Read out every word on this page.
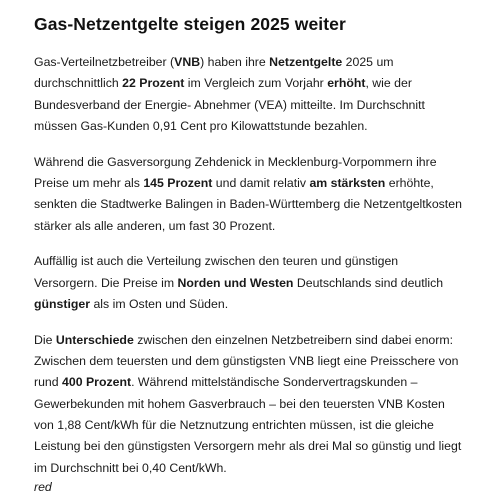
Gas-Netzentgelte steigen 2025 weiter

Gas-Verteilnetzbetreiber (VNB) haben ihre Netzentgelte 2025 um durchschnittlich 22 Prozent im Vergleich zum Vorjahr erhöht, wie der Bundesverband der Energie- Abnehmer (VEA) mitteilte. Im Durchschnitt müssen Gas-Kunden 0,91 Cent pro Kilowattstunde bezahlen.

Während die Gasversorgung Zehdenick in Mecklenburg-Vorpommern ihre Preise um mehr als 145 Prozent und damit relativ am stärksten erhöhte, senkten die Stadtwerke Balingen in Baden-Württemberg die Netzentgeltkosten stärker als alle anderen, um fast 30 Prozent.

Auffällig ist auch die Verteilung zwischen den teuren und günstigen Versorgern. Die Preise im Norden und Westen Deutschlands sind deutlich günstiger als im Osten und Süden.

Die Unterschiede zwischen den einzelnen Netzbetreibern sind dabei enorm: Zwischen dem teuersten und dem günstigsten VNB liegt eine Preisschere von rund 400 Prozent. Während mittelständische Sondervertragskunden – Gewerbekunden mit hohem Gasverbrauch – bei den teuersten VNB Kosten von 1,88 Cent/kWh für die Netznutzung entrichten müssen, ist die gleiche Leistung bei den günstigsten Versorgern mehr als drei Mal so günstig und liegt im Durchschnitt bei 0,40 Cent/kWh.

red
